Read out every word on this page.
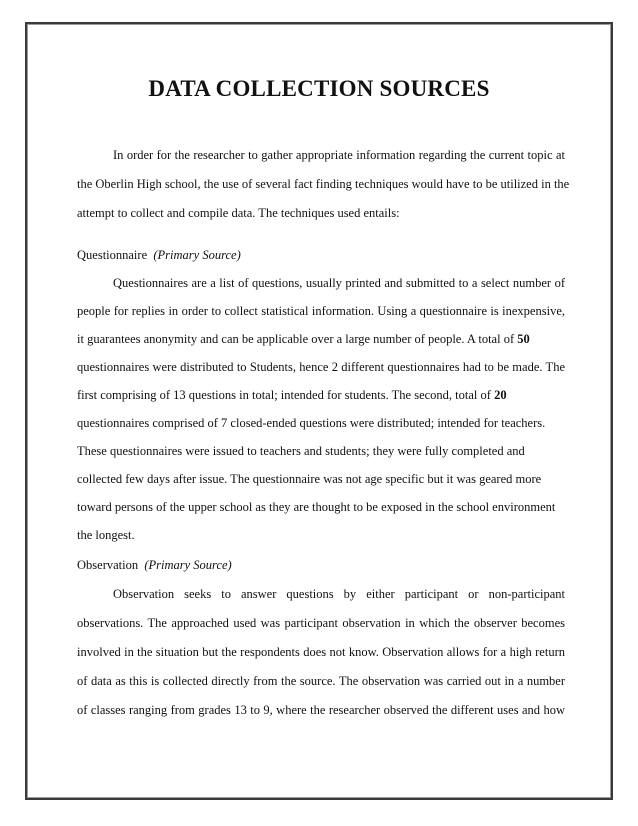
DATA COLLECTION SOURCES
In order for the researcher to gather appropriate information regarding the current topic at
the Oberlin High school, the use of several fact finding techniques would have to be utilized in the
attempt to collect and compile data. The techniques used entails:
Questionnaire (Primary Source)
Questionnaires are a list of questions, usually printed and submitted to a select number of
people for replies in order to collect statistical information. Using a questionnaire is inexpensive,
it guarantees anonymity and can be applicable over a large number of people. A total of 50
questionnaires were distributed to Students, hence 2 different questionnaires had to be made. The
first comprising of 13 questions in total; intended for students. The second, total of 20
questionnaires comprised of 7 closed-ended questions were distributed; intended for teachers.
These questionnaires were issued to teachers and students; they were fully completed and
collected few days after issue. The questionnaire was not age specific but it was geared more
toward persons of the upper school as they are thought to be exposed in the school environment
the longest.
Observation (Primary Source)
Observation seeks to answer questions by either participant or non-participant
observations. The approached used was participant observation in which the observer becomes
involved in the situation but the respondents does not know. Observation allows for a high return
of data as this is collected directly from the source. The observation was carried out in a number
of classes ranging from grades 13 to 9, where the researcher observed the different uses and how
